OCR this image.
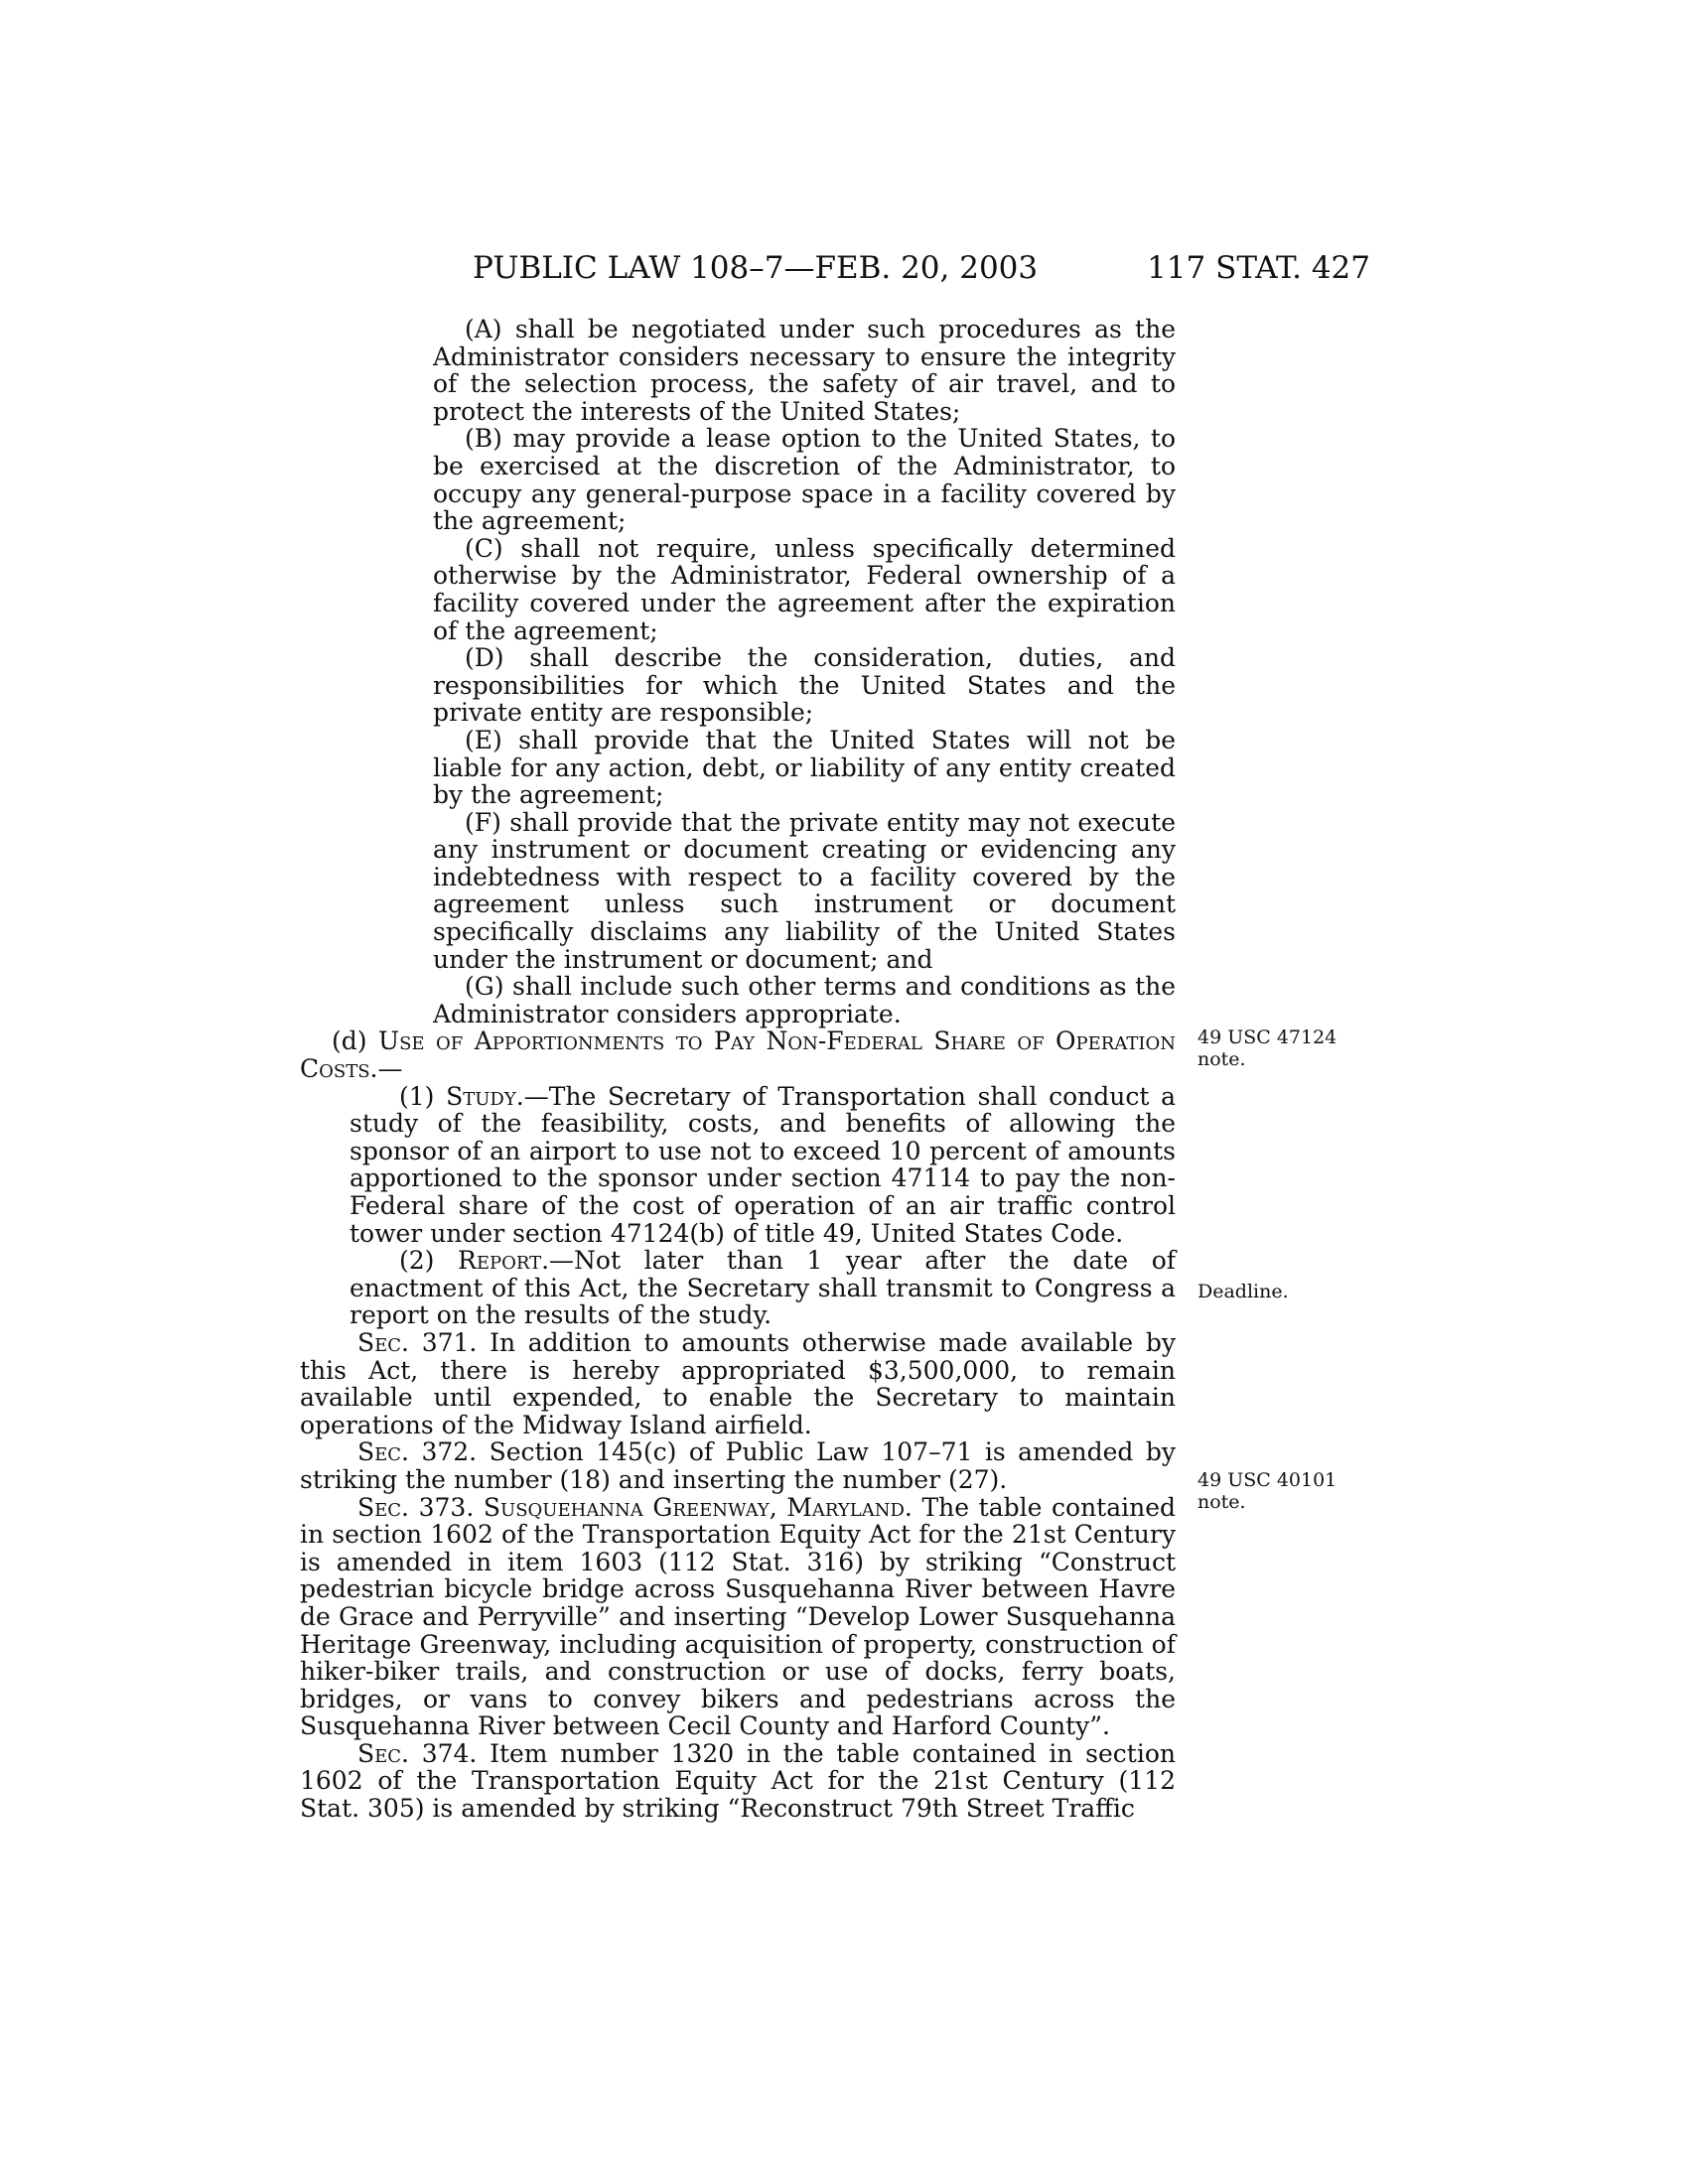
PUBLIC LAW 108–7—FEB. 20, 2003	117 STAT. 427

(A) shall be negotiated under such procedures as the Administrator considers necessary to ensure the integrity of the selection process, the safety of air travel, and to protect the interests of the United States;

(B) may provide a lease option to the United States, to be exercised at the discretion of the Administrator, to occupy any general-purpose space in a facility covered by the agreement;

(C) shall not require, unless specifically determined otherwise by the Administrator, Federal ownership of a facility covered under the agreement after the expiration of the agreement;

(D) shall describe the consideration, duties, and responsibilities for which the United States and the private entity are responsible;

(E) shall provide that the United States will not be liable for any action, debt, or liability of any entity created by the agreement;

(F) shall provide that the private entity may not execute any instrument or document creating or evidencing any indebtedness with respect to a facility covered by the agreement unless such instrument or document specifically disclaims any liability of the United States under the instrument or document; and

(G) shall include such other terms and conditions as the Administrator considers appropriate.

(d) Use of Apportionments to Pay Non-Federal Share of Operation Costs.—

(1) Study.—The Secretary of Transportation shall conduct a study of the feasibility, costs, and benefits of allowing the sponsor of an airport to use not to exceed 10 percent of amounts apportioned to the sponsor under section 47114 to pay the non-Federal share of the cost of operation of an air traffic control tower under section 47124(b) of title 49, United States Code.

(2) Report.—Not later than 1 year after the date of enactment of this Act, the Secretary shall transmit to Congress a report on the results of the study.

Sec. 371. In addition to amounts otherwise made available by this Act, there is hereby appropriated $3,500,000, to remain available until expended, to enable the Secretary to maintain operations of the Midway Island airfield.

Sec. 372. Section 145(c) of Public Law 107–71 is amended by striking the number (18) and inserting the number (27).

Sec. 373. Susquehanna Greenway, Maryland. The table contained in section 1602 of the Transportation Equity Act for the 21st Century is amended in item 1603 (112 Stat. 316) by striking “Construct pedestrian bicycle bridge across Susquehanna River between Havre de Grace and Perryville” and inserting “Develop Lower Susquehanna Heritage Greenway, including acquisition of property, construction of hiker-biker trails, and construction or use of docks, ferry boats, bridges, or vans to convey bikers and pedestrians across the Susquehanna River between Cecil County and Harford County”.

Sec. 374. Item number 1320 in the table contained in section 1602 of the Transportation Equity Act for the 21st Century (112 Stat. 305) is amended by striking “Reconstruct 79th Street Traffic

49 USC 47124
note.
Deadline.
49 USC 40101
note.
